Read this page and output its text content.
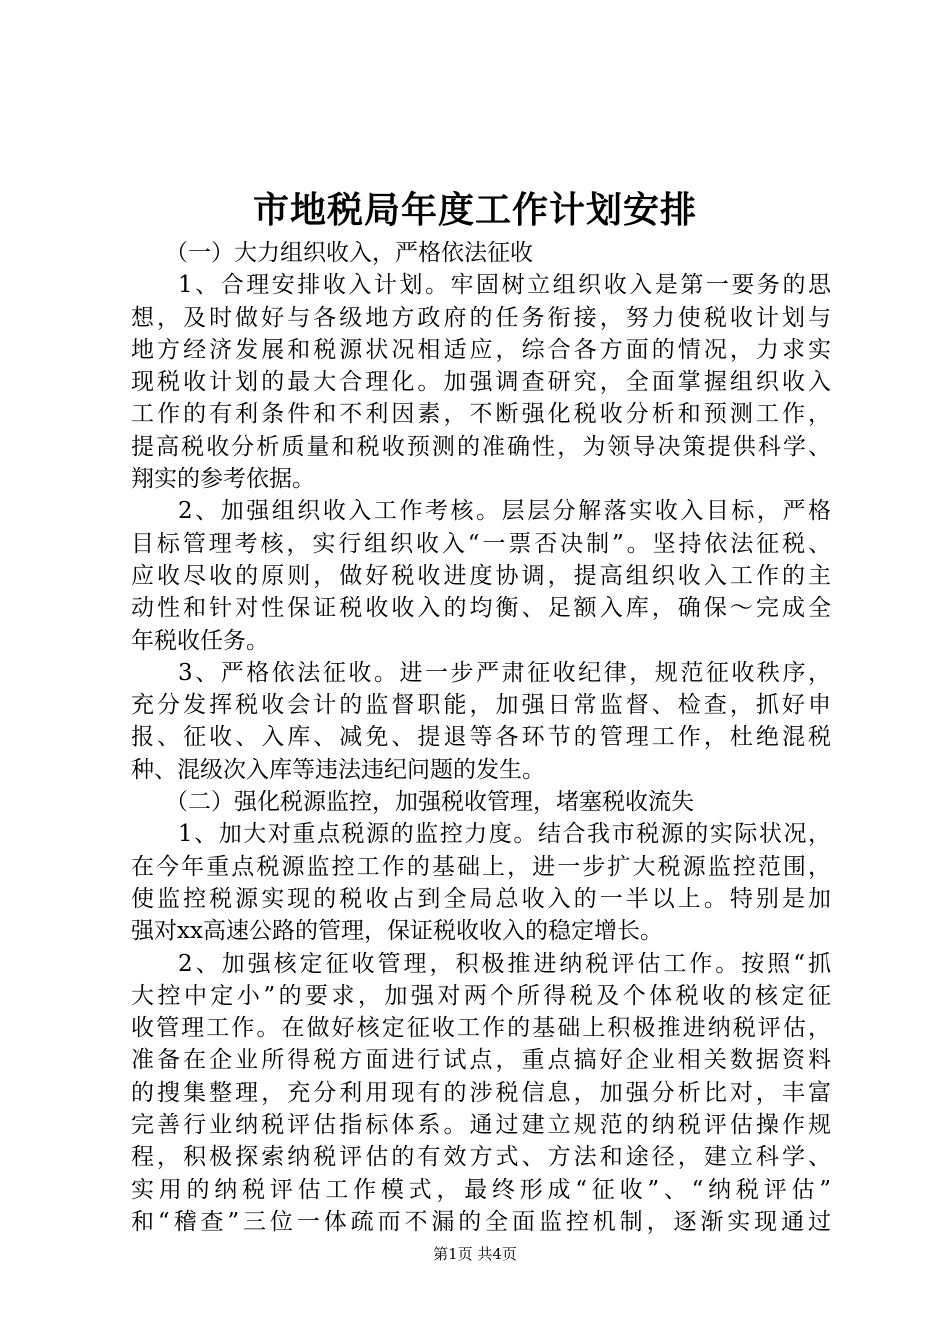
市地税局年度工作计划安排
（一）大力组织收入，严格依法征收
1、合理安排收入计划。牢固树立组织收入是第一要务的思
想，及时做好与各级地方政府的任务衔接，努力使税收计划与
地方经济发展和税源状况相适应，综合各方面的情况，力求实
现税收计划的最大合理化。加强调查研究，全面掌握组织收入
工作的有利条件和不利因素，不断强化税收分析和预测工作，
提高税收分析质量和税收预测的准确性，为领导决策提供科学、
翔实的参考依据。
2、加强组织收入工作考核。层层分解落实收入目标，严格
目标管理考核，实行组织收入“一票否决制”。坚持依法征税、
应收尽收的原则，做好税收进度协调，提高组织收入工作的主
动性和针对性保证税收收入的均衡、足额入库，确保～完成全
年税收任务。
3、严格依法征收。进一步严肃征收纪律，规范征收秩序，
充分发挥税收会计的监督职能，加强日常监督、检查，抓好申
报、征收、入库、减免、提退等各环节的管理工作，杜绝混税
种、混级次入库等违法违纪问题的发生。
（二）强化税源监控，加强税收管理，堵塞税收流失
1、加大对重点税源的监控力度。结合我市税源的实际状况，
在今年重点税源监控工作的基础上，进一步扩大税源监控范围，
使监控税源实现的税收占到全局总收入的一半以上。特别是加
强对xx高速公路的管理，保证税收收入的稳定增长。
2、加强核定征收管理，积极推进纳税评估工作。按照“抓
大控中定小”的要求，加强对两个所得税及个体税收的核定征
收管理工作。在做好核定征收工作的基础上积极推进纳税评估，
准备在企业所得税方面进行试点，重点搞好企业相关数据资料
的搜集整理，充分利用现有的涉税信息，加强分析比对，丰富
完善行业纳税评估指标体系。通过建立规范的纳税评估操作规
程，积极探索纳税评估的有效方式、方法和途径，建立科学、
实用的纳税评估工作模式，最终形成“征收”、“纳税评估”
和“稽查”三位一体疏而不漏的全面监控机制，逐渐实现通过
第1页 共4页
